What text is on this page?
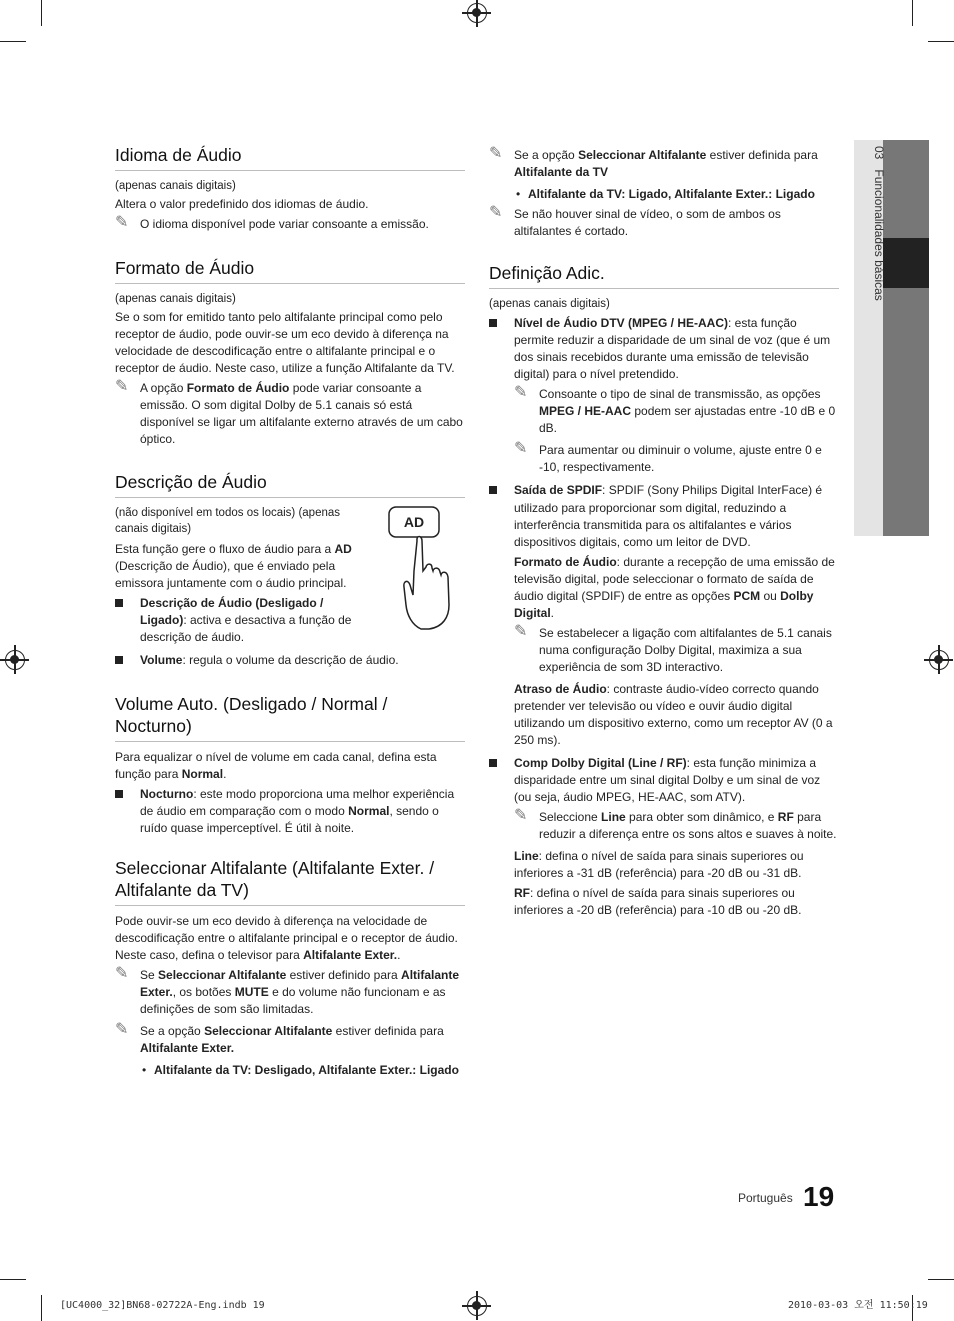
03   Funcionalidades básicas
Idioma de Áudio

(apenas canais digitais)

Altera o valor predefinido dos idiomas de áudio.

✎ O idioma disponível pode variar consoante a emissão.
Formato de Áudio

(apenas canais digitais)

Se o som for emitido tanto pelo altifalante principal como pelo receptor de áudio, pode ouvir-se um eco devido à diferença na velocidade de descodificação entre o altifalante principal e o receptor de áudio. Neste caso, utilize a função Altifalante da TV.

✎ A opção Formato de Áudio pode variar consoante a emissão. O som digital Dolby de 5.1 canais só está disponível se ligar um altifalante externo através de um cabo óptico.
Descrição de Áudio

(não disponível em todos os locais) (apenas canais digitais)

Esta função gere o fluxo de áudio para a AD (Descrição de Áudio), que é enviado pela emissora juntamente com o áudio principal.

Descrição de Áudio (Desligado / Ligado): activa e desactiva a função de descrição de áudio.
Volume: regula o volume da descrição de áudio.
Volume Auto. (Desligado / Normal / Nocturno)

Para equalizar o nível de volume em cada canal, defina esta função para Normal.

Nocturno: este modo proporciona uma melhor experiência de áudio em comparação com o modo Normal, sendo o ruído quase imperceptível. É útil à noite.
Seleccionar Altifalante (Altifalante Exter. / Altifalante da TV)

Pode ouvir-se um eco devido à diferença na velocidade de descodificação entre o altifalante principal e o receptor de áudio. Neste caso, defina o televisor para Altifalante Exter..

✎ Se Seleccionar Altifalante estiver definido para Altifalante Exter., os botões MUTE e do volume não funcionam e as definições de som são limitadas.
✎ Se a opção Seleccionar Altifalante estiver definida para Altifalante Exter.
• Altifalante da TV: Desligado, Altifalante Exter.: Ligado
AD
✎ Se a opção Seleccionar Altifalante estiver definida para Altifalante da TV
• Altifalante da TV: Ligado, Altifalante Exter.: Ligado
✎ Se não houver sinal de vídeo, o som de ambos os altifalantes é cortado.
Definição Adic.

(apenas canais digitais)

Nível de Áudio DTV (MPEG / HE-AAC): esta função permite reduzir a disparidade de um sinal de voz (que é um dos sinais recebidos durante uma emissão de televisão digital) para o nível pretendido.
✎ Consoante o tipo de sinal de transmissão, as opções MPEG / HE-AAC podem ser ajustadas entre -10 dB e 0 dB.
✎ Para aumentar ou diminuir o volume, ajuste entre 0 e -10, respectivamente.
Saída de SPDIF: SPDIF (Sony Philips Digital InterFace) é utilizado para proporcionar som digital, reduzindo a interferência transmitida para os altifalantes e vários dispositivos digitais, como um leitor de DVD.
Formato de Áudio: durante a recepção de uma emissão de televisão digital, pode seleccionar o formato de saída de áudio digital (SPDIF) de entre as opções PCM ou Dolby Digital.
✎ Se estabelecer a ligação com altifalantes de 5.1 canais numa configuração Dolby Digital, maximiza a sua experiência de som 3D interactivo.
Atraso de Áudio: contraste áudio-vídeo correcto quando pretender ver televisão ou vídeo e ouvir áudio digital utilizando um dispositivo externo, como um receptor AV (0 a 250 ms).
Comp Dolby Digital (Line / RF): esta função minimiza a disparidade entre um sinal digital Dolby e um sinal de voz (ou seja, áudio MPEG, HE-AAC, som ATV).
✎ Seleccione Line para obter som dinâmico, e RF para reduzir a diferença entre os sons altos e suaves à noite.
Line: defina o nível de saída para sinais superiores ou inferiores a -31 dB (referência) para -20 dB ou -31 dB.
RF: defina o nível de saída para sinais superiores ou inferiores a -20 dB (referência) para -10 dB ou -20 dB.
Português 19
[UC4000_32]BN68-02722A-Eng.indb 19	2010-03-03 오전 11:50:19
